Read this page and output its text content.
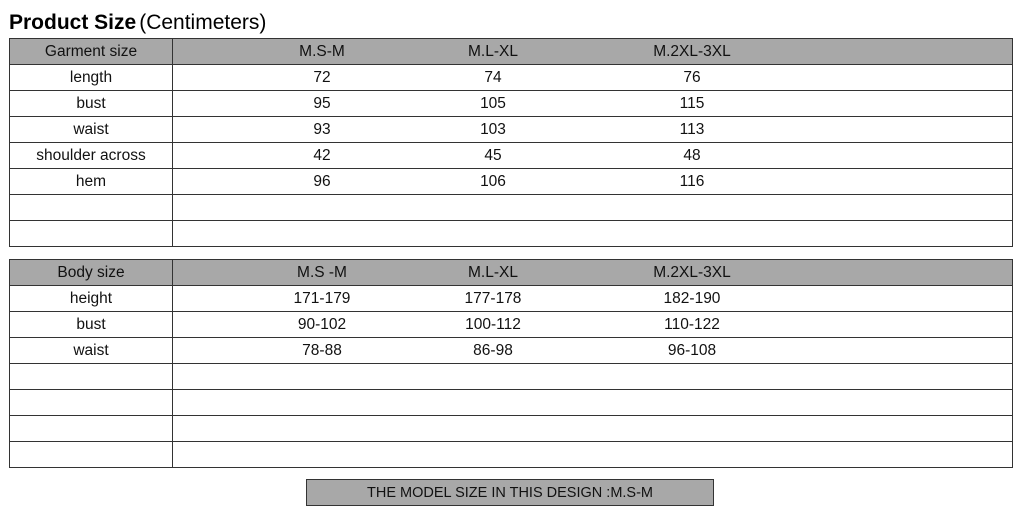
Product Size (Centimeters)
Garment size	M.S-M	M.L-XL	M.2XL-3XL
length	72	74	76
bust	95	105	115
waist	93	103	113
shoulder across	42	45	48
hem	96	106	116
Body size	M.S -M	M.L-XL	M.2XL-3XL
height	171-179	177-178	182-190
bust	90-102	100-112	110-122
waist	78-88	86-98	96-108
THE MODEL SIZE IN THIS DESIGN :M.S-M
